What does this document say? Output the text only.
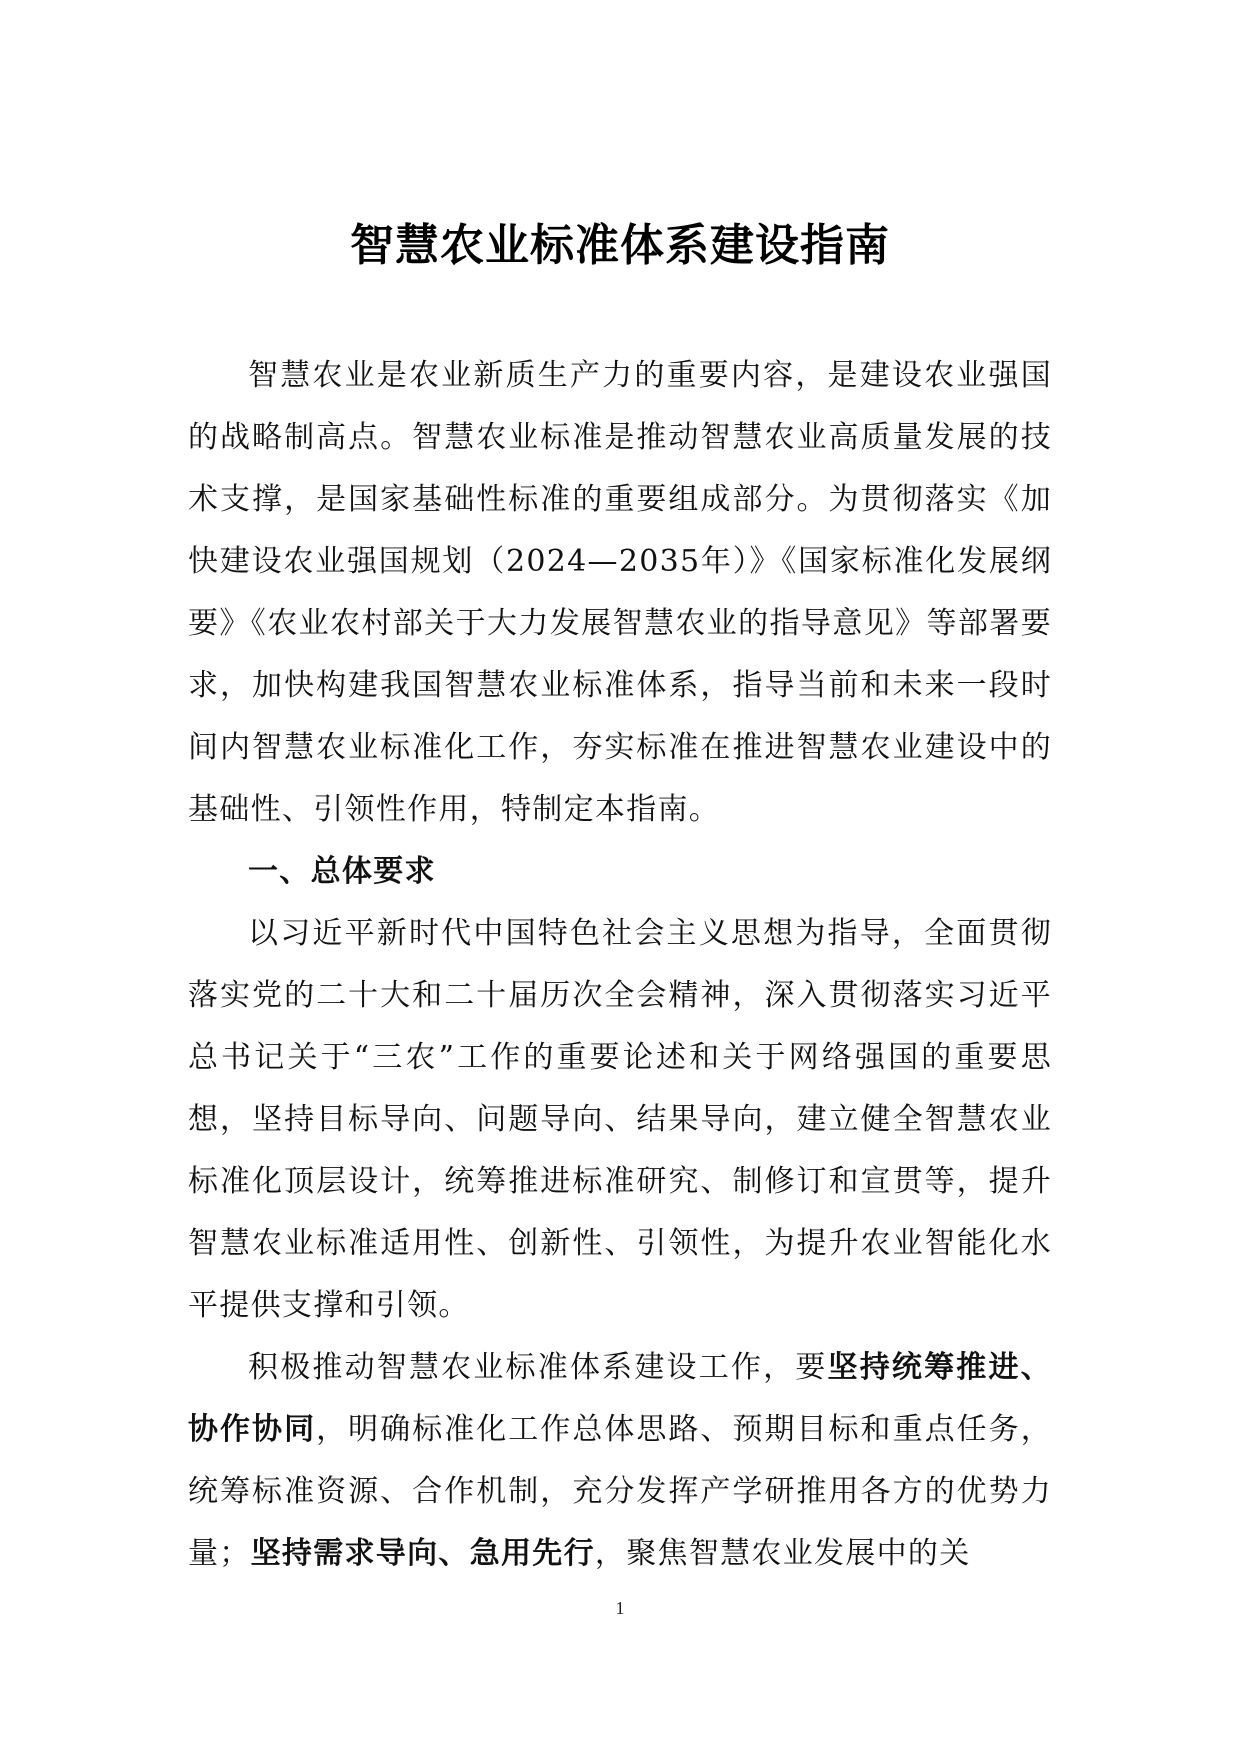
智慧农业标准体系建设指南

智慧农业是农业新质生产力的重要内容，是建设农业强国的战略制高点。智慧农业标准是推动智慧农业高质量发展的技术支撑，是国家基础性标准的重要组成部分。为贯彻落实《加快建设农业强国规划（2024—2035年）》《国家标准化发展纲要》《农业农村部关于大力发展智慧农业的指导意见》等部署要求，加快构建我国智慧农业标准体系，指导当前和未来一段时间内智慧农业标准化工作，夯实标准在推进智慧农业建设中的基础性、引领性作用，特制定本指南。

一、总体要求

以习近平新时代中国特色社会主义思想为指导，全面贯彻落实党的二十大和二十届历次全会精神，深入贯彻落实习近平总书记关于“三农”工作的重要论述和关于网络强国的重要思想，坚持目标导向、问题导向、结果导向，建立健全智慧农业标准化顶层设计，统筹推进标准研究、制修订和宣贯等，提升智慧农业标准适用性、创新性、引领性，为提升农业智能化水平提供支撑和引领。

积极推动智慧农业标准体系建设工作，要坚持统筹推进、协作协同，明确标准化工作总体思路、预期目标和重点任务，统筹标准资源、合作机制，充分发挥产学研推用各方的优势力量；坚持需求导向、急用先行，聚焦智慧农业发展中的关

1
